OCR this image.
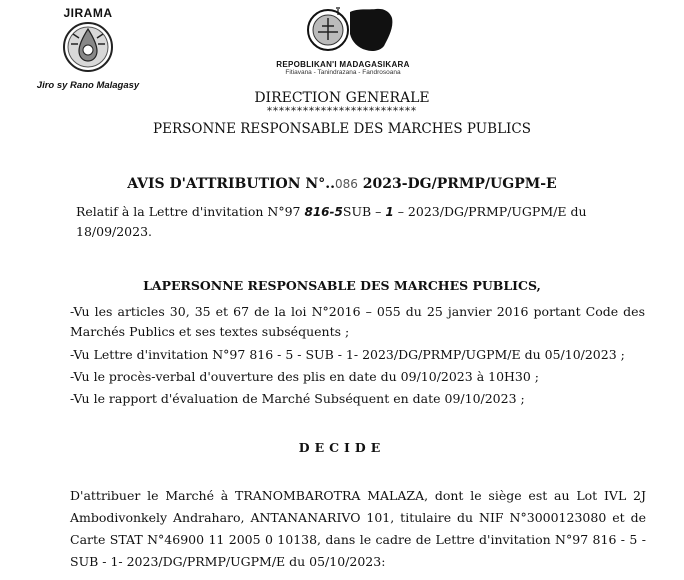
JIRAMA
Jiro sy Rano Malagasy
REPOBLIKAN'I MADAGASIKARA
Fitiavana - Tanindrazana - Fandrosoana
DIRECTION GENERALE
*************************
PERSONNE RESPONSABLE DES MARCHES PUBLICS
AVIS D'ATTRIBUTION N°..086 2023-DG/PRMP/UGPM-E
Relatif à la Lettre d'invitation N°97 816-5SUB – 1 – 2023/DG/PRMP/UGPM/E du 18/09/2023.
LAPERSONNE RESPONSABLE DES MARCHES PUBLICS,
-Vu les articles 30, 35 et 67 de la loi N°2016 – 055 du 25 janvier 2016 portant Code des Marchés Publics et ses textes subséquents ;
-Vu Lettre d'invitation N°97 816 - 5 - SUB - 1- 2023/DG/PRMP/UGPM/E du 05/10/2023 ;
-Vu le procès-verbal d'ouverture des plis en date du 09/10/2023 à 10H30 ;
-Vu le rapport d'évaluation de Marché Subséquent en date 09/10/2023 ;
DECIDE
D'attribuer le Marché à TRANOMBAROTRA MALAZA, dont le siège est au Lot IVL 2J Ambodivonkely Andraharo, ANTANANARIVO 101, titulaire du NIF N°3000123080 et de Carte STAT N°46900 11 2005 0 10138, dans le cadre de Lettre d'invitation N°97 816 - 5 - SUB - 1- 2023/DG/PRMP/UGPM/E du 05/10/2023:
